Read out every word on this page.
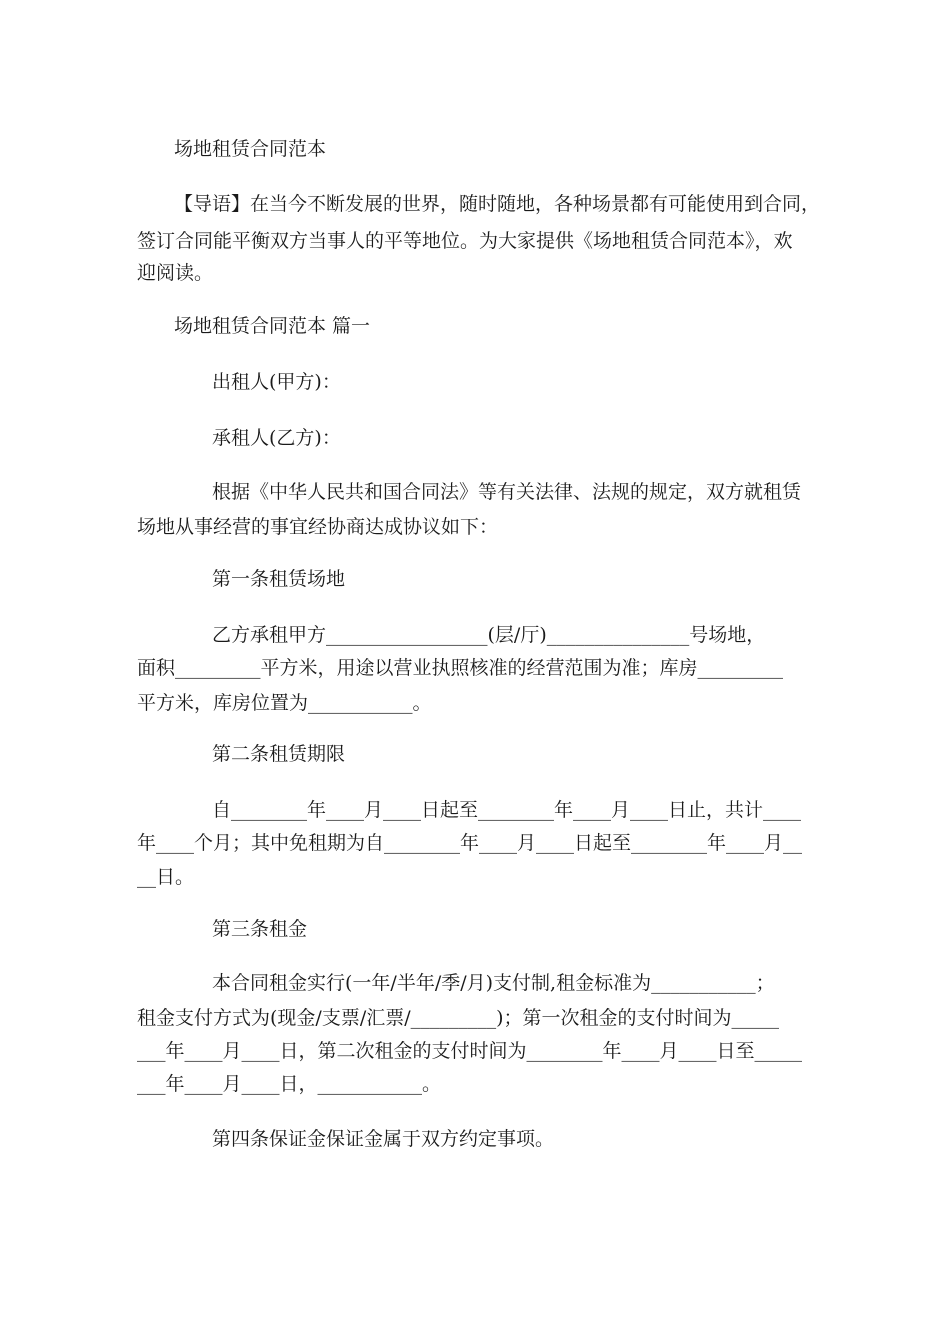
场地租赁合同范本
【导语】在当今不断发展的世界，随时随地，各种场景都有可能使用到合同，
签订合同能平衡双方当事人的平等地位。为大家提供《场地租赁合同范本》，欢
迎阅读。
场地租赁合同范本 篇一
出租人(甲方)：
承租人(乙方)：
根据《中华人民共和国合同法》等有关法律、法规的规定，双方就租赁
场地从事经营的事宜经协商达成协议如下：
第一条租赁场地
乙方承租甲方_________________(层/厅)_______________号场地，
面积_________平方米，用途以营业执照核准的经营范围为准；库房_________
平方米，库房位置为___________。
第二条租赁期限
自________年____月____日起至________年____月____日止，共计____
年____个月；其中免租期为自________年____月____日起至________年____月__
__日。
第三条租金
本合同租金实行(一年/半年/季/月)支付制,租金标准为___________；
租金支付方式为(现金/支票/汇票/_________)；第一次租金的支付时间为_____
___年____月____日，第二次租金的支付时间为________年____月____日至_____
___年____月____日，___________。
第四条保证金保证金属于双方约定事项。
